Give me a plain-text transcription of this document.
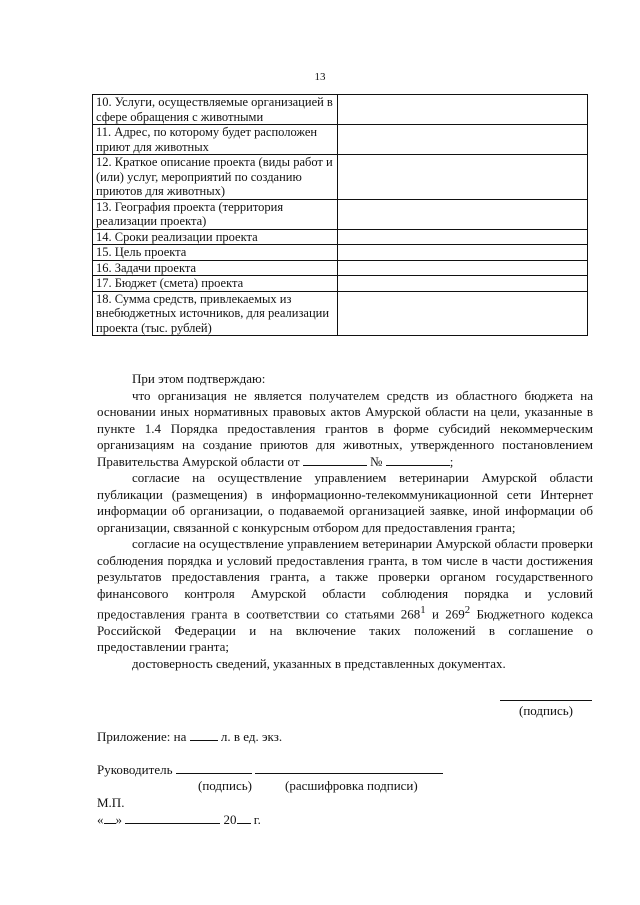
13
10. Услуги, осуществляемые организацией в сфере обращения с животными	
11. Адрес, по которому будет расположен приют для животных	
12. Краткое описание проекта (виды работ и (или) услуг, мероприятий по созданию приютов для животных)	
13. География проекта (территория реализации проекта)	
14. Сроки реализации проекта	
15. Цель проекта	
16. Задачи проекта	
17. Бюджет (смета) проекта	
18. Сумма средств, привлекаемых из внебюджетных источников, для реализации проекта (тыс. рублей)	

При этом подтверждаю:

что организация не является получателем средств из областного бюджета на основании иных нормативных правовых актов Амурской области на цели, указанные в пункте 1.4 Порядка предоставления грантов в форме субсидий некоммерческим организациям на создание приютов для животных, утвержденного постановлением Правительства Амурской области от	№	;

согласие на осуществление управлением ветеринарии Амурской области публикации (размещения) в информационно-телекоммуникационной сети Интернет информации об организации, о подаваемой организацией заявке, иной информации об организации, связанной с конкурсным отбором для предоставления гранта;

согласие на осуществление управлением ветеринарии Амурской области проверки соблюдения порядка и условий предоставления гранта, в том числе в части достижения результатов предоставления гранта, а также проверки органом государственного финансового контроля Амурской области соблюдения порядка и условий предоставления гранта в соответствии со статьями $268^1$ и $269^2$ Бюджетного кодекса Российской Федерации и на включение таких положений в соглашение о предоставлении гранта;

достоверность сведений, указанных в представленных документах.

(подпись)
Приложение: на	л. в ед. экз.
Руководитель
(подпись)	(расшифровка подписи)
М.П.
« »	20 г.
